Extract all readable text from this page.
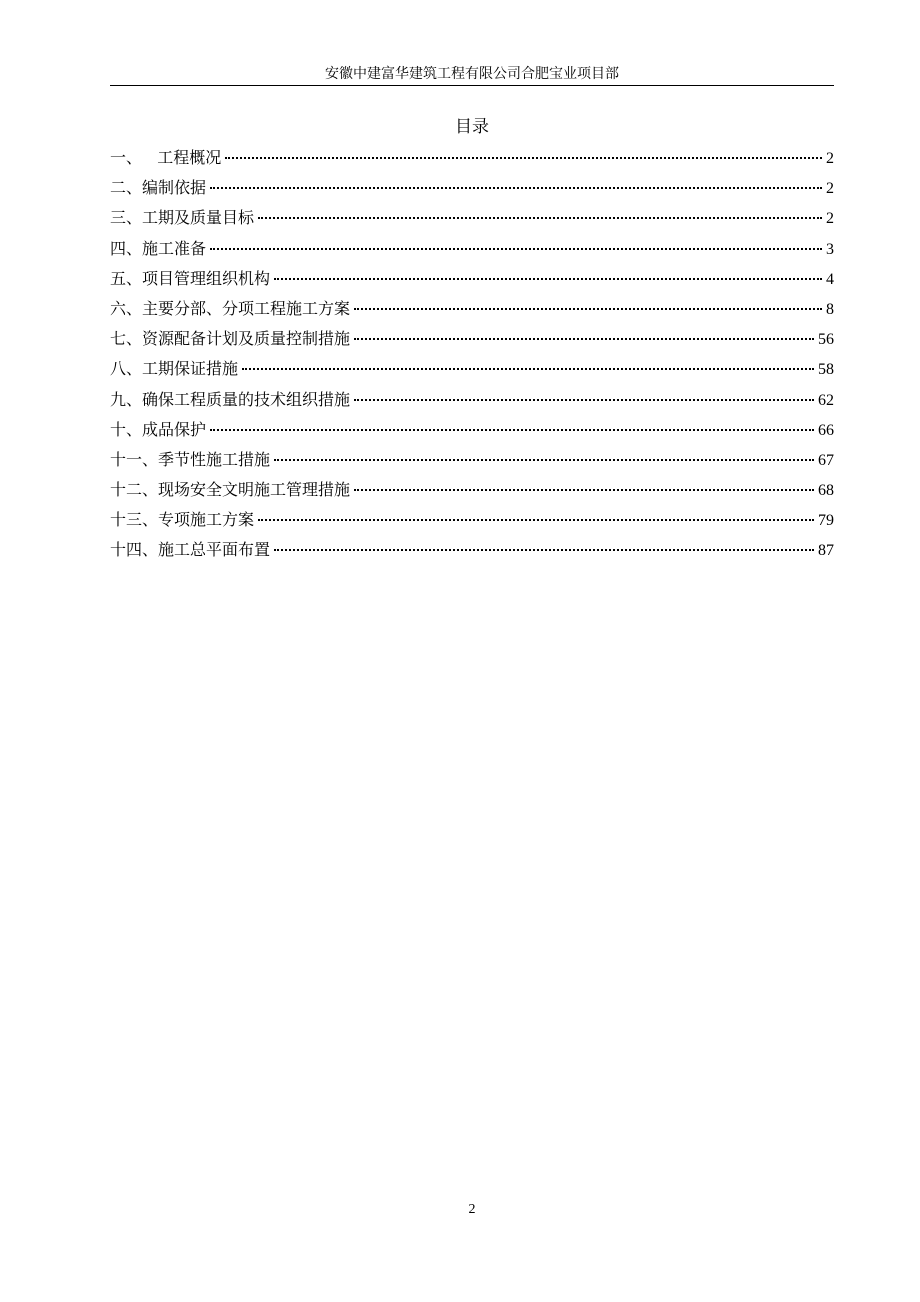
安徽中建富华建筑工程有限公司合肥宝业项目部
目录
一、   工程概况	2
二、编制依据	2
三、工期及质量目标	2
四、施工准备	3
五、项目管理组织机构	4
六、主要分部、分项工程施工方案	8
七、资源配备计划及质量控制措施	56
八、工期保证措施	58
九、确保工程质量的技术组织措施	62
十、成品保护	66
十一、季节性施工措施	67
十二、现场安全文明施工管理措施	68
十三、专项施工方案	79
十四、施工总平面布置	87
2
